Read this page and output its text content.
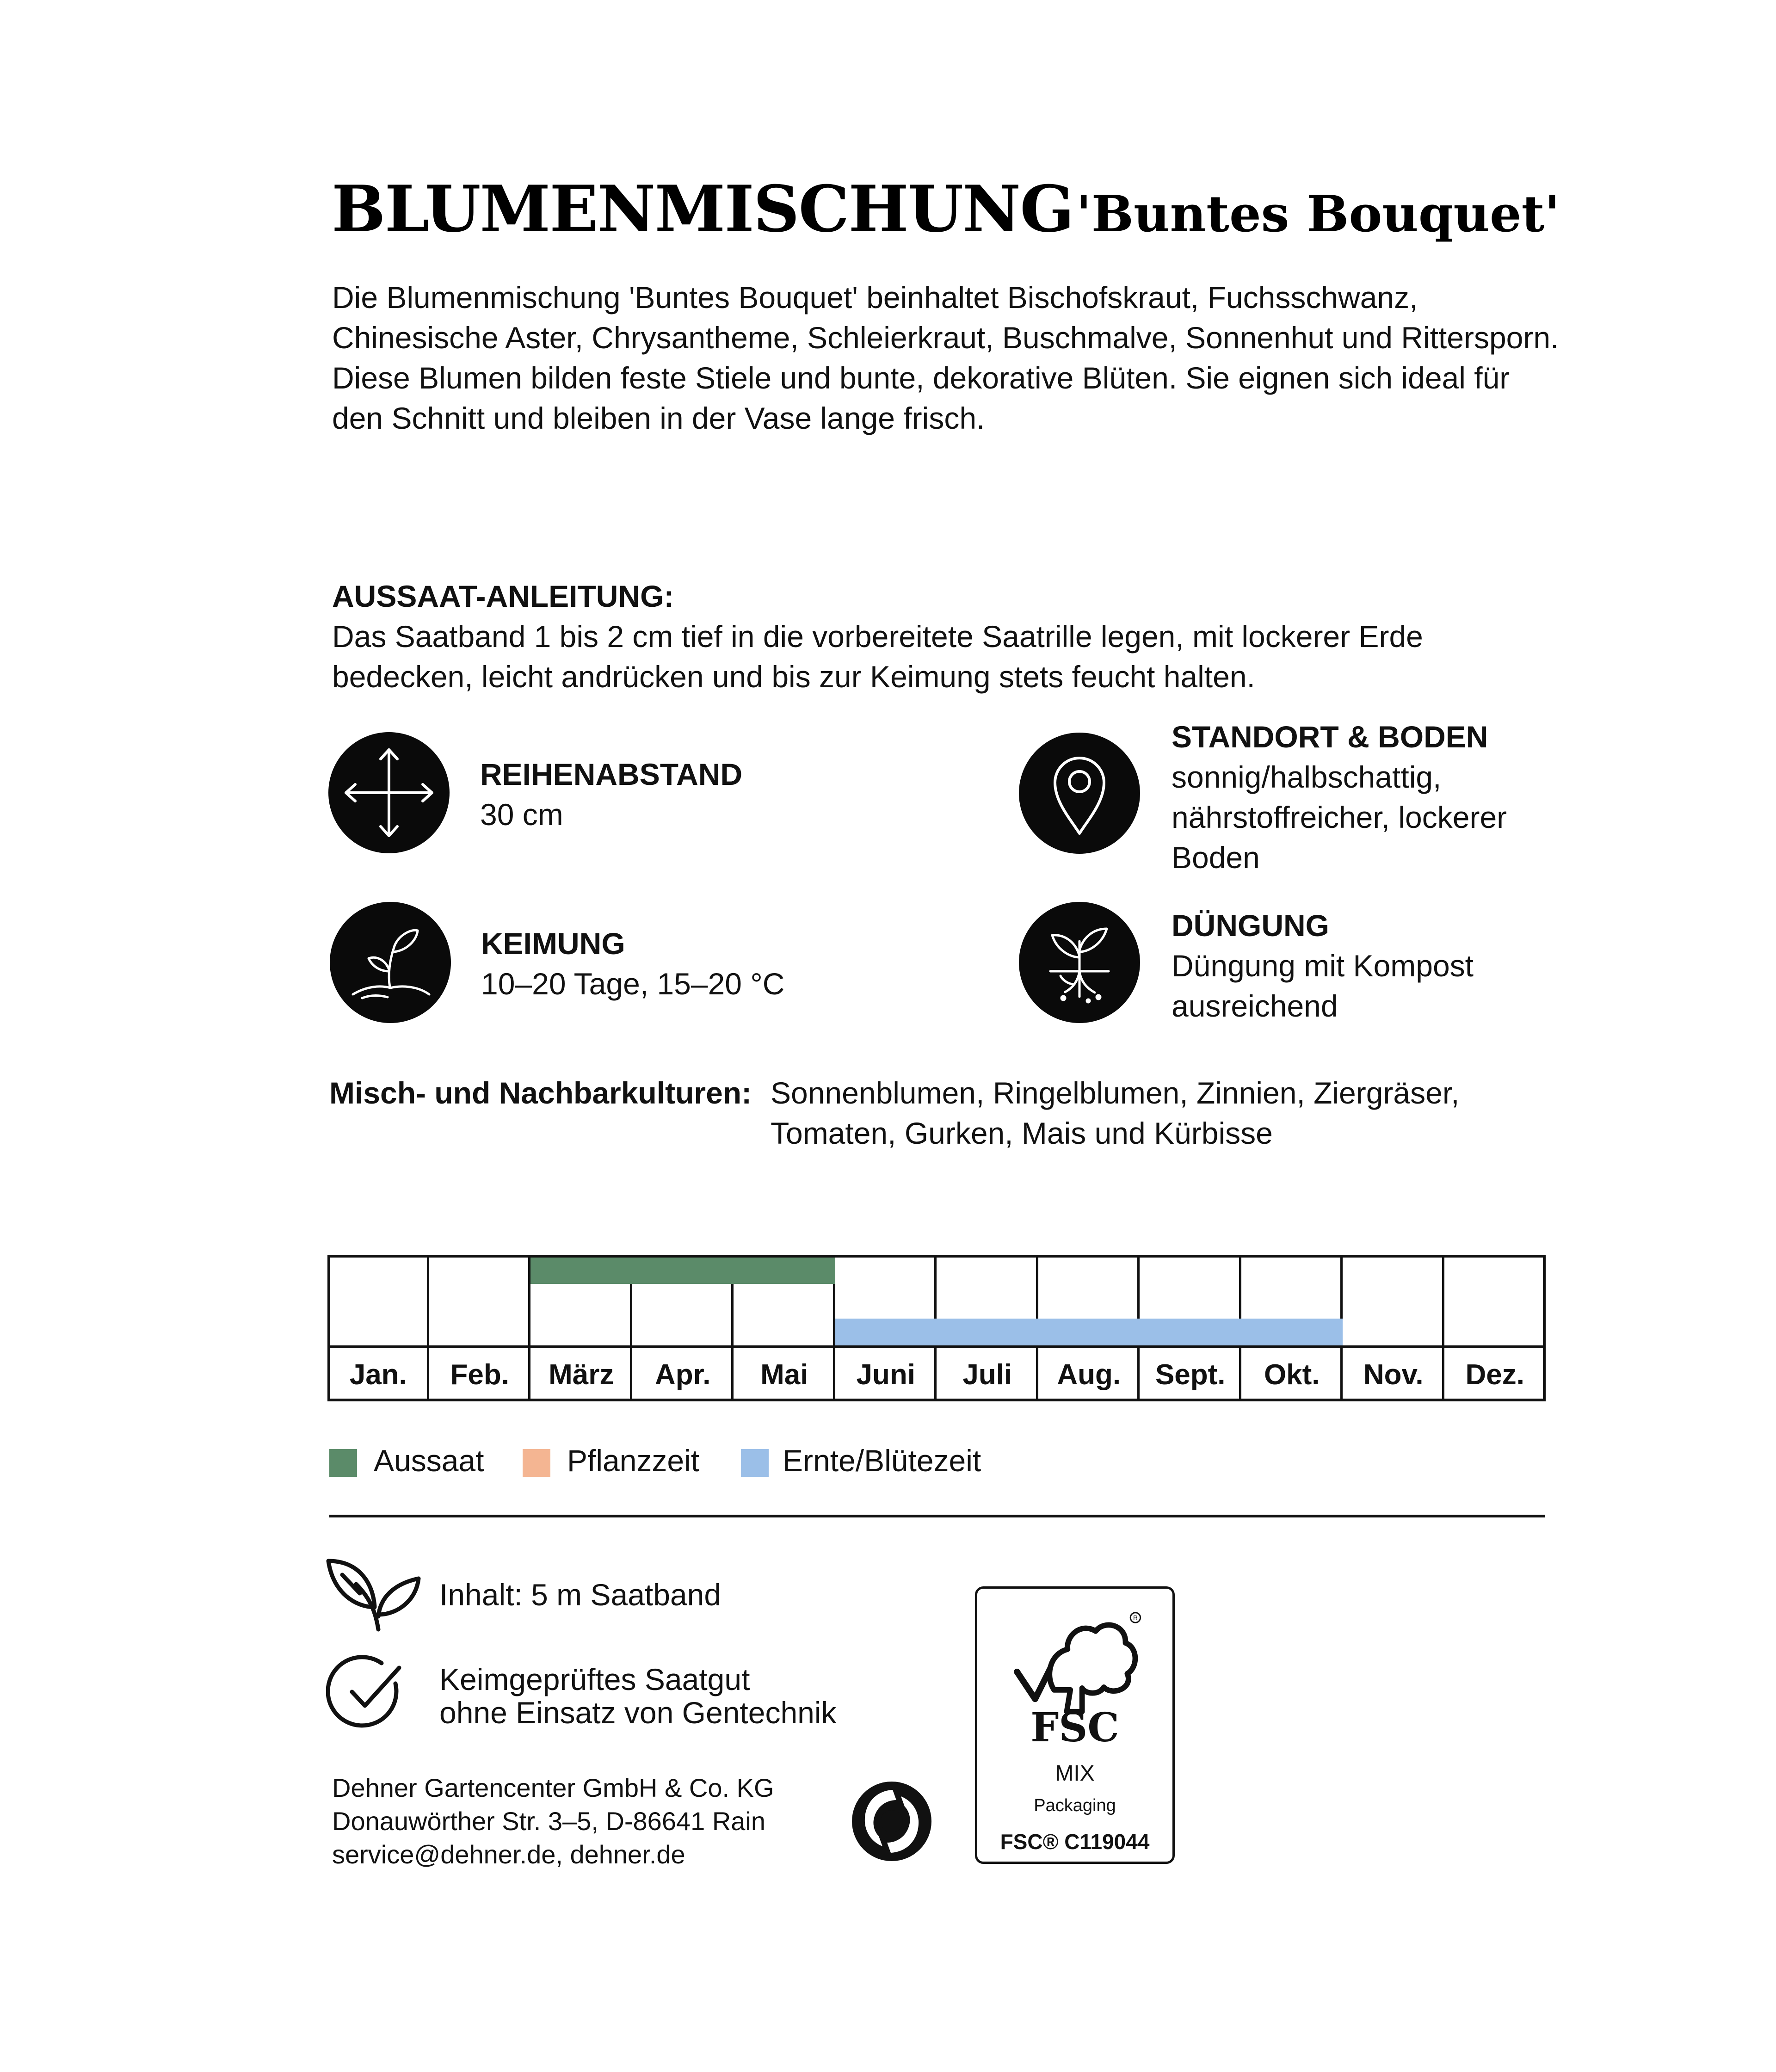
BLUMENMISCHUNG 'Buntes Bouquet'

Die Blumenmischung 'Buntes Bouquet' beinhaltet Bischofskraut, Fuchsschwanz,

Chinesische Aster, Chrysantheme, Schleierkraut, Buschmalve, Sonnenhut und Rittersporn.

Diese Blumen bilden feste Stiele und bunte, dekorative Blüten. Sie eignen sich ideal für

den Schnitt und bleiben in der Vase lange frisch.

AUSSAAT-ANLEITUNG:

Das Saatband 1 bis 2 cm tief in die vorbereitete Saatrille legen, mit lockerer Erde

bedecken, leicht andrücken und bis zur Keimung stets feucht halten.

REIHENABSTAND
30 cm
KEIMUNG
10–20 Tage, 15–20 °C
STANDORT & BODEN
sonnig/halbschattig,
nährstoffreicher, lockerer
Boden
DÜNGUNG
Düngung mit Kompost
ausreichend
Misch- und Nachbarkulturen: Sonnenblumen, Ringelblumen, Zinnien, Ziergräser,
Tomaten, Gurken, Mais und Kürbisse
Jan.	Feb.	März	Apr.	Mai	Juni	Juli	Aug.	Sept.	Okt.	Nov.	Dez.
Aussaat	Pflanzzeit	Ernte/Blütezeit
Inhalt: 5 m Saatband
Keimgeprüftes Saatgut
ohne Einsatz von Gentechnik
Dehner Gartencenter GmbH & Co. KG
Donauwörther Str. 3–5, D-86641 Rain
service@dehner.de, dehner.de
R
FSC
MIX
Packaging
FSC® C119044
